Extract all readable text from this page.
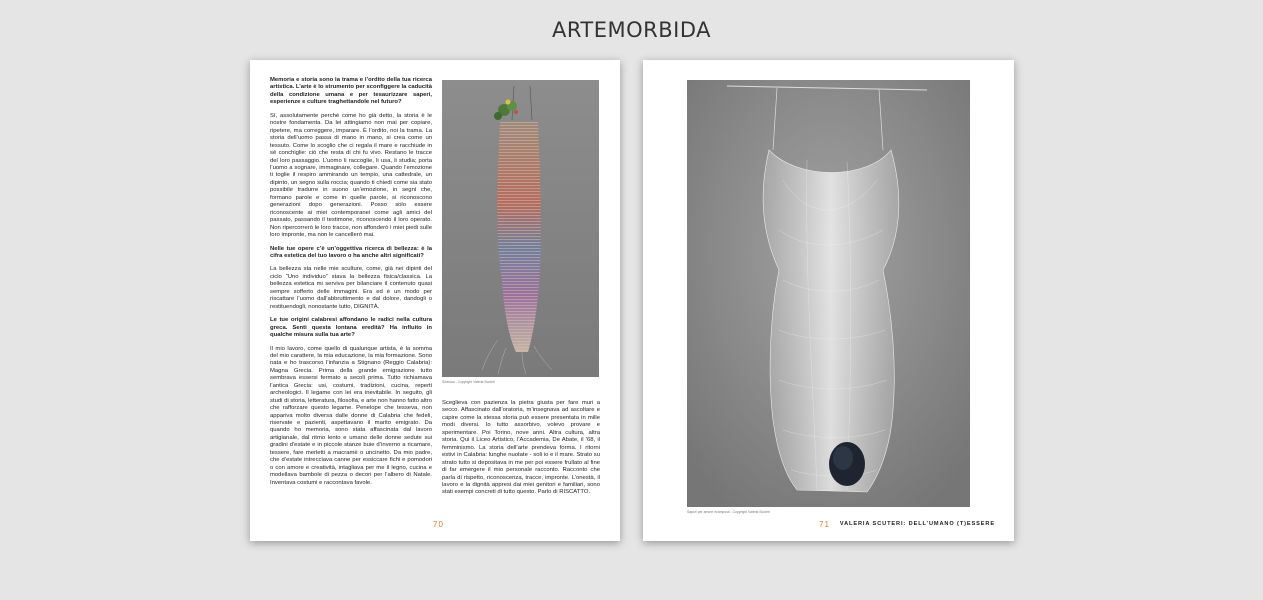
ARTEMORBIDA

Memoria e storia sono la trama e l’ordito della tua ricerca artistica. L’arte è lo strumento per sconfiggere la caducità della condizione umana e per tesaurizzare saperi, esperienze e culture traghettandole nel futuro?

Sì, assolutamente perché come ho già detto, la storia è le nostre fondamenta. Da lei attingiamo non mai per copiare, ripetere, ma correggere, imparare. È l’ordito, noi la trama. La storia dell’uomo passa di mano in mano, si crea come un tessuto. Come lo scoglio che ci regala il mare e racchiude in sé conchiglie: ciò che resta di chi fu vivo. Restano le tracce del loro passaggio. L’uomo li raccoglie, li usa, li studia; porta l’uomo a sognare, immaginare, collegare. Quando l’emozione ti toglie il respiro ammirando un tempio, una cattedrale, un dipinto, un segno sulla roccia; quando ti chiedi come sia stato possibile tradurre in suono un’emozione, in segni che, formano parole e come in quelle parole, si riconoscono generazioni dopo generazioni. Posso solo essere riconoscente ai miei contemporanei come agli amici del passato, passando il testimone, riconoscendo il loro operato. Non ripercorrerò le loro tracce, non affonderò i miei piedi sulle loro impronte, ma non le cancellerò mai.

Nelle tue opere c’è un’oggettiva ricerca di bellezza: è la cifra estetica del tuo lavoro o ha anche altri significati?

La bellezza sta nelle mie sculture, come, già nei dipinti del ciclo “Uno individuo” stava la bellezza fisica/classica. La bellezza estetica mi serviva per bilanciare il contenuto quasi sempre sofferto delle immagini. Era ed è un modo per riscattare l’uomo dall’abbruttimento e dal dolore, dandogli o restituendogli, nonostante tutto, DIGNITÀ.

Le tue origini calabresi affondano le radici nella cultura greca. Senti questa lontana eredità? Ha influito in qualche misura sulla tua arte?

Il mio lavoro, come quello di qualunque artista, è la somma del mio carattere, la mia educazione, la mia formazione. Sono nata e ho trascorso l’infanzia a Stignano (Reggio Calabria): Magna Grecia. Prima della grande emigrazione tutto sembrava essersi fermato a secoli prima. Tutto richiamava l’antica Grecia: usi, costumi, tradizioni, cucina, reperti archeologici. Il legame con lei era inevitabile. In seguito, gli studi di storia, letteratura, filosofia, e arte non hanno fatto altro che rafforzare questo legame. Penelope che tesseva, non appariva molto diversa dalle donne di Calabria che fedeli, riservate e pazienti, aspettavano il marito emigrato. Da quando ho memoria, sono stata affascinata dal lavoro artigianale, dal ritmo lento e umano delle donne sedute sui gradini d’estate e in piccole stanze buie d’inverno a ricamare, tessere, fare merletti a macramè o uncinetto. Da mio padre, che d’estate intrecciava canne per essiccare fichi e pomodori o con amore e creatività, intagliava per me il legno, cucina e modellava bambole di pezza o decori per l’albero di Natale. Inventava costumi e raccontava favole.

Sirarusa - Copyright Valeria Scuteri

Sceglieva con pazienza la pietra giusta per fare muri a secco. Affascinato dall’oratoria, m’insegnava ad ascoltare e capire come la stessa storia può essere presentata in mille modi diversi. Io tutto assorbivo, volevo provare e sperimentare. Poi Torino, nove anni. Altra cultura, altra storia. Qui il Liceo Artistico, l’Accademia, De Abate, il ’68, il femminismo. La storia dell’arte prendeva forma. I ritorni estivi in Calabria: lunghe nuotate - soli io e il mare. Strato su strato tutto si depositava in me per poi essere frullato al fine di far emergere il mio personale racconto. Racconto che parla di rispetto, riconoscenza, tracce, impronte. L’onestà, il lavoro e la dignità appresi dai miei genitori e familiari, sono stati esempi concreti di tutto questo. Parlo di RISCATTO.

70
Sapori per amore ricomposti - Copyright Valeria Scuteri
71 VALERIA SCUTERI: DELL’UMANO (T)ESSERE
